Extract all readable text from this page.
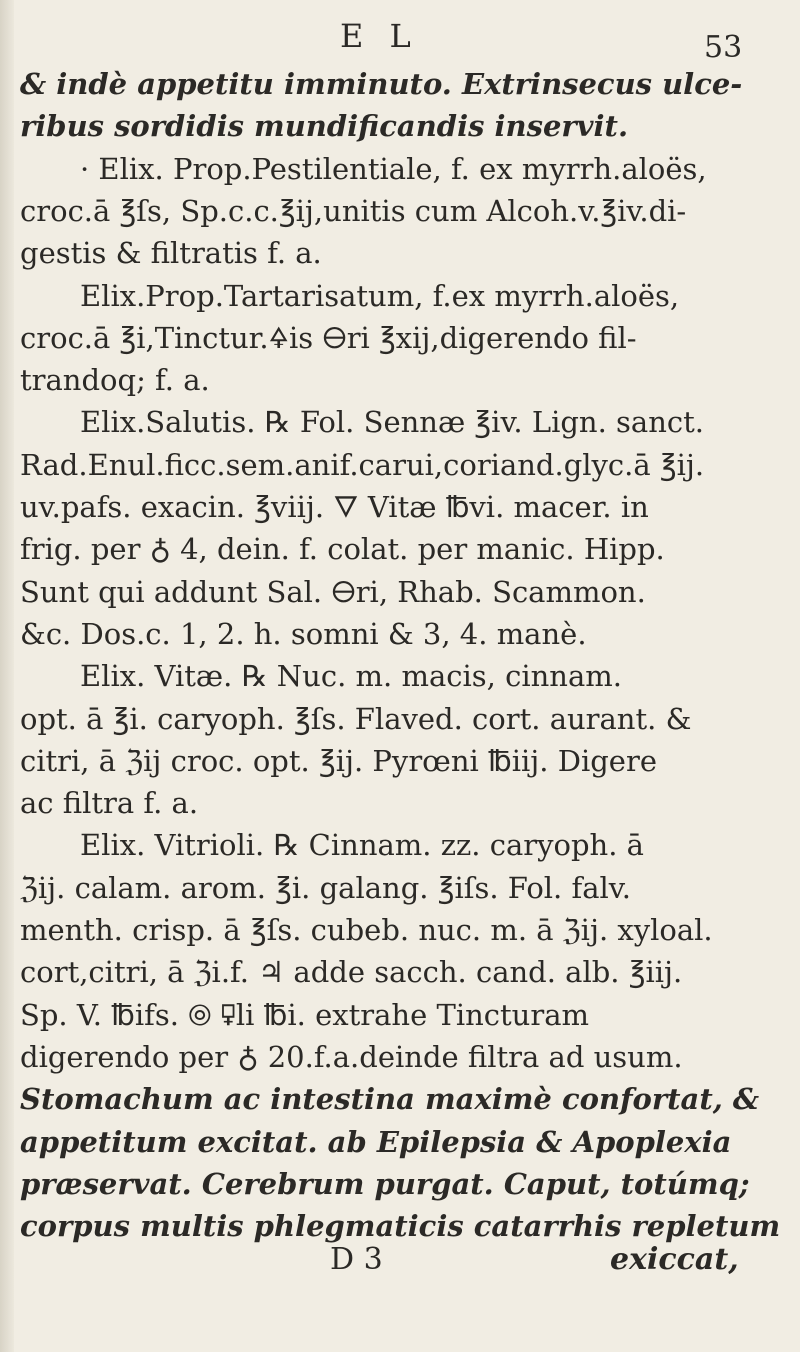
E L	53
& indè appetitu imminuto. Extrinsecus ulce-
ribus sordidis mundificandis inservit.
· Elix. Prop.Pestilentiale, f. ex myrrh.aloës,
croc.ā ℥ſs, Sp.c.c.℥ij,unitis cum Alcoh.v.℥iv.di-
gestis & filtratis f. a.
Elix.Prop.Tartarisatum, f.ex myrrh.aloës,
croc.ā ℥i,Tinctur.🜍is 🜔ri ℥xij,digerendo fil-
trandoq; f. a.
Elix.Salutis. ℞ Fol. Sennæ ℥iv. Lign. sanct.
Rad.Enul.ficc.sem.anif.carui,coriand.glyc.ā ℥ij.
uv.pafs. exacin. ℥viij. 🜄 Vitæ ℔vi. macer. in
frig. per ♁ 4, dein. f. colat. per manic. Hipp.
Sunt qui addunt Sal. 🜔ri, Rhab. Scammon.
&c. Dos.c. 1, 2. h. somni & 3, 4. manè.
Elix. Vitæ. ℞ Nuc. m. macis, cinnam.
opt. ā ℥i. caryoph. ℥ſs. Flaved. cort. aurant. &
citri, ā ℨij croc. opt. ℥ij. Pyrœni ℔iij. Digere
ac filtra f. a.
Elix. Vitrioli. ℞ Cinnam. zz. caryoph. ā
ℨij. calam. arom. ℥i. galang. ℥iſs. Fol. falv.
menth. crisp. ā ℥ſs. cubeb. nuc. m. ā ℨij. xyloal.
cort,citri, ā ℨi.f. ♃ adde sacch. cand. alb. ℥iij.
Sp. V. ℔ifs. ⦾ 🜿li ℔i. extrahe Tincturam
digerendo per ♁ 20.f.a.deinde filtra ad usum.
Stomachum ac intestina maximè confortat, &
appetitum excitat. ab Epilepsia & Apoplexia
præservat. Cerebrum purgat. Caput, totúmq;
corpus multis phlegmaticis catarrhis repletum
D 3	exiccat,
